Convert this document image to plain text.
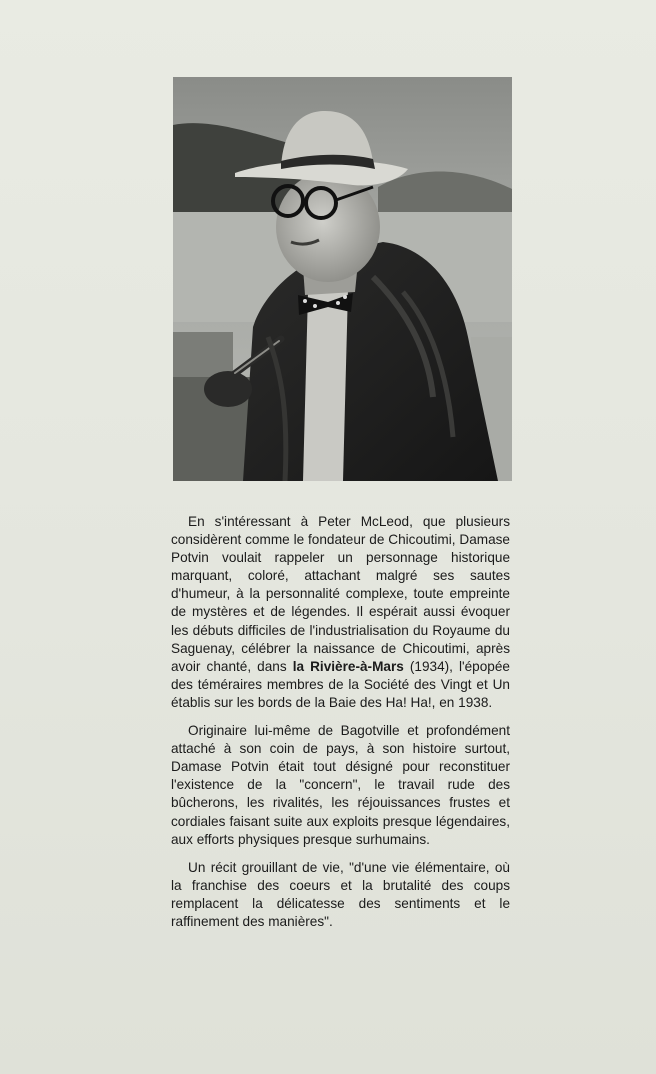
En s'intéressant à Peter McLeod, que plusieurs considèrent comme le fondateur de Chicoutimi, Damase Potvin voulait rappeler un personnage historique marquant, coloré, attachant malgré ses sautes d'humeur, à la personnalité complexe, toute empreinte de mystères et de légendes. Il espérait aussi évoquer les débuts difficiles de l'industrialisation du Royaume du Saguenay, célébrer la naissance de Chicoutimi, après avoir chanté, dans la Rivière-à-Mars (1934), l'épopée des téméraires membres de la Société des Vingt et Un établis sur les bords de la Baie des Ha! Ha!, en 1938.

Originaire lui-même de Bagotville et profondément attaché à son coin de pays, à son histoire surtout, Damase Potvin était tout désigné pour reconstituer l'existence de la "concern", le travail rude des bûcherons, les rivalités, les réjouissances frustes et cordiales faisant suite aux exploits presque légendaires, aux efforts physiques presque surhumains.

Un récit grouillant de vie, "d'une vie élémentaire, où la franchise des coeurs et la brutalité des coups remplacent la délicatesse des sentiments et le raffinement des manières".
